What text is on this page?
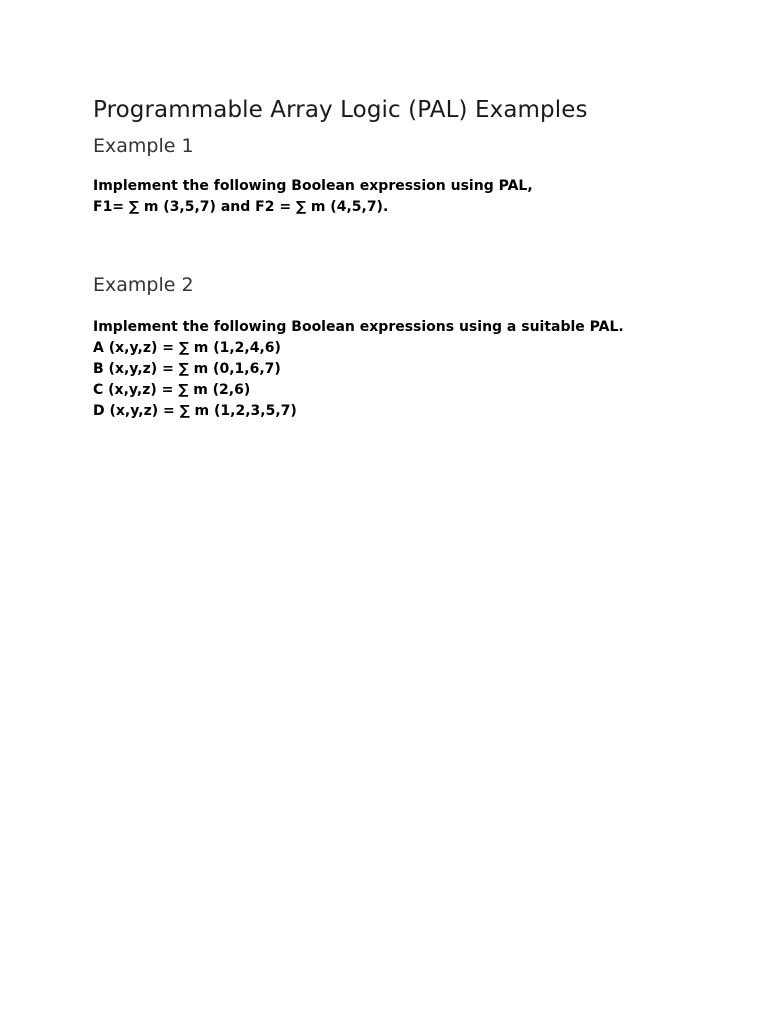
Programmable Array Logic (PAL) Examples
Example 1

Implement the following Boolean expression using PAL,
F1= ∑ m (3,5,7) and F2 = ∑ m (4,5,7).

Example 2

Implement the following Boolean expressions using a suitable PAL.
A (x,y,z) = ∑ m (1,2,4,6)
B (x,y,z) = ∑ m (0,1,6,7)
C (x,y,z) = ∑ m (2,6)
D (x,y,z) = ∑ m (1,2,3,5,7)
